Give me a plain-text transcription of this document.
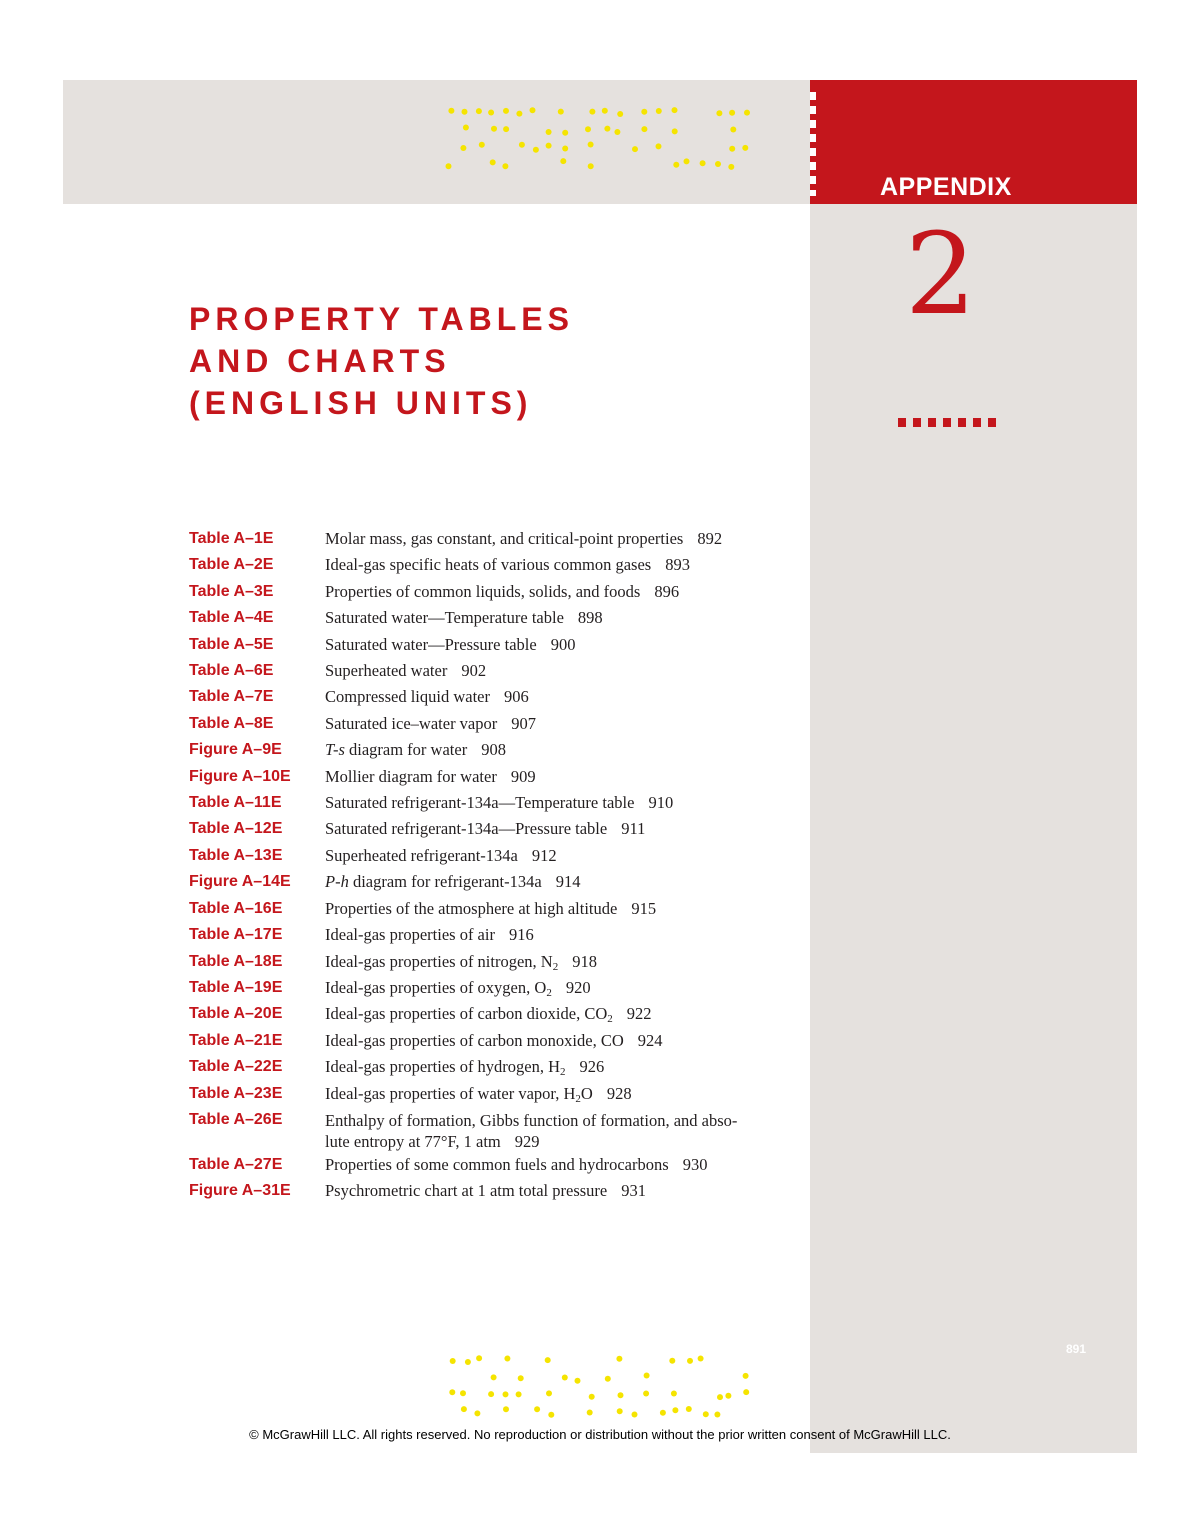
APPENDIX
2
PROPERTY TABLES
AND CHARTS
(ENGLISH UNITS)
Table A–1E	Molar mass, gas constant, and critical-point properties 892
Table A–2E	Ideal-gas specific heats of various common gases 893
Table A–3E	Properties of common liquids, solids, and foods 896
Table A–4E	Saturated water—Temperature table 898
Table A–5E	Saturated water—Pressure table 900
Table A–6E	Superheated water 902
Table A–7E	Compressed liquid water 906
Table A–8E	Saturated ice–water vapor 907
Figure A–9E	T-s diagram for water 908
Figure A–10E	Mollier diagram for water 909
Table A–11E	Saturated refrigerant-134a—Temperature table 910
Table A–12E	Saturated refrigerant-134a—Pressure table 911
Table A–13E	Superheated refrigerant-134a 912
Figure A–14E	P-h diagram for refrigerant-134a 914
Table A–16E	Properties of the atmosphere at high altitude 915
Table A–17E	Ideal-gas properties of air 916
Table A–18E	Ideal-gas properties of nitrogen, $N_2$ 918
Table A–19E	Ideal-gas properties of oxygen, $O_2$ 920
Table A–20E	Ideal-gas properties of carbon dioxide, $CO_2$ 922
Table A–21E	Ideal-gas properties of carbon monoxide, CO 924
Table A–22E	Ideal-gas properties of hydrogen, $H_2$ 926
Table A–23E	Ideal-gas properties of water vapor, $H_2O$ 928
Table A–26E	Enthalpy of formation, Gibbs function of formation, and abso-
lute entropy at 77°F, 1 atm 929
Table A–27E	Properties of some common fuels and hydrocarbons 930
Figure A–31E	Psychrometric chart at 1 atm total pressure 931
891
© McGrawHill LLC. All rights reserved. No reproduction or distribution without the prior written consent of McGrawHill LLC.
